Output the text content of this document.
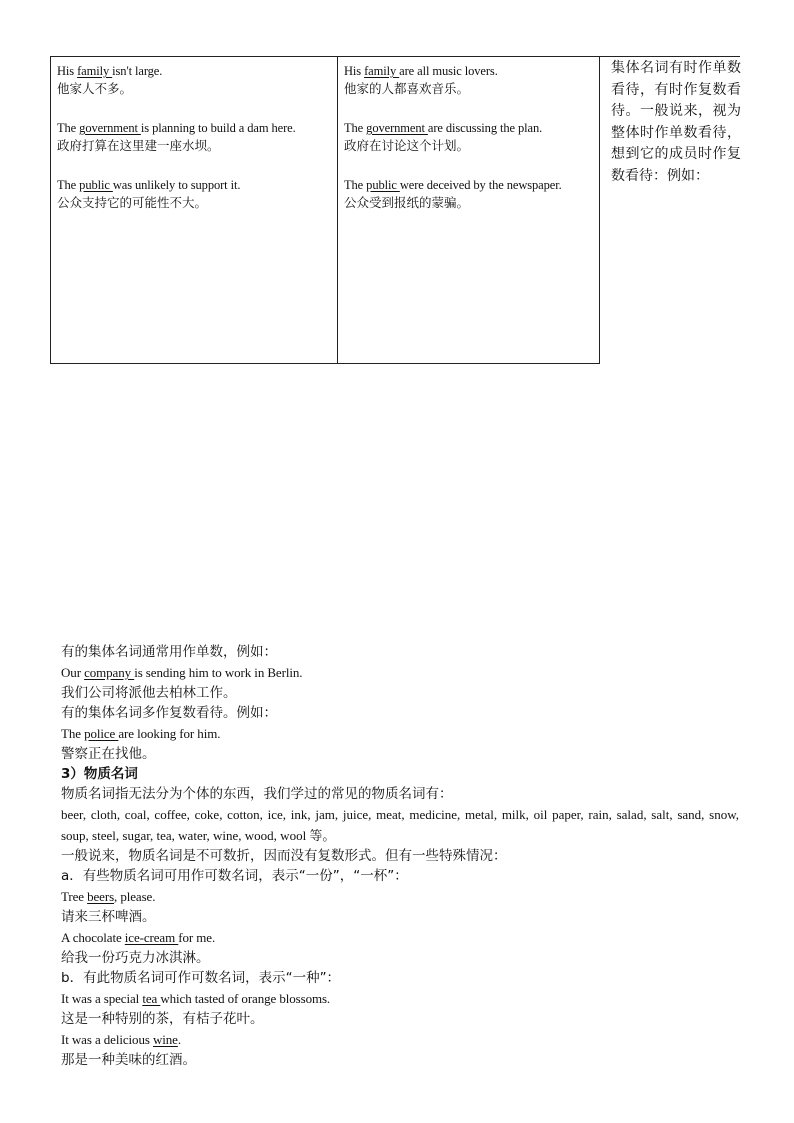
His family isn't large.
他家人不多。
The government is planning to build a dam here.
政府打算在这里建一座水坝。
The public was unlikely to support it.
公众支持它的可能性不大。
His family are all music lovers.
他家的人都喜欢音乐。
The government are discussing the plan.
政府在讨论这个计划。
The public were deceived by the newspaper.
公众受到报纸的蒙骗。
集体名词有时作单数看待，有时作复数看待。一般说来，视为整体时作单数看待，想到它的成员时作复数看待：例如：
有的集体名词通常用作单数，例如：
Our company is sending him to work in Berlin.
我们公司将派他去柏林工作。
有的集体名词多作复数看待。例如：
The police are looking for him.
警察正在找他。
3）物质名词
物质名词指无法分为个体的东西，我们学过的常见的物质名词有：
beer, cloth, coal, coffee, coke, cotton, ice, ink, jam, juice, meat, medicine, metal, milk, oil paper, rain, salad, salt, sand, snow, soup, steel, sugar, tea, water, wine, wood, wool 等。
一般说来，物质名词是不可数折，因而没有复数形式。但有一些特殊情况：
a．有些物质名词可用作可数名词，表示“一份”，“一杯”：
Tree beers, please.
请来三杯啤酒。
A chocolate ice-cream for me.
给我一份巧克力冰淇淋。
b．有此物质名词可作可数名词，表示“一种”：
It was a special tea which tasted of orange blossoms.
这是一种特别的茶，有桔子花叶。
It was a delicious wine.
那是一种美味的红酒。
